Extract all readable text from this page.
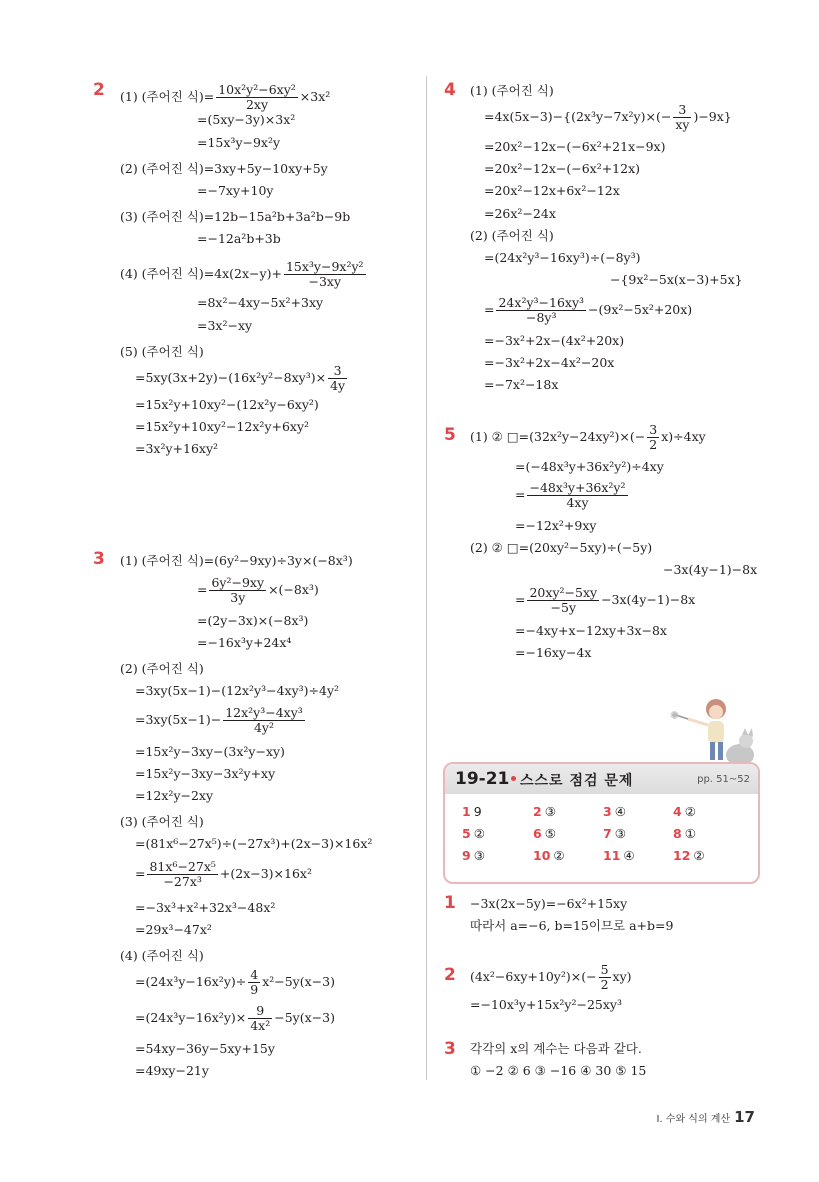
2 (1) (주어진 식)= $\frac{\text{10x²y²−6xy²}}{2xy} \times 3x^2$
=(5xy−3y)×3x²
=15x³y−9x²y
(2) (주어진 식)=3xy+5y−10xy+5y
=−7xy+10y
(3) (주어진 식)=12b−15a²b+3a²b−9b
=−12a²b+3b
(4) (주어진 식)$=4x(2x-y)+ \frac{\text{15x³y−9x²y²}}{-3xy}$
=8x²−4xy−5x²+3xy
=3x²−xy
(5) (주어진 식)
$=5xy(3x+2y)-(16x^2y^2-8xy^3)\times \frac{3}{4y}$
=15x²y+10xy²−(12x²y−6xy²)
=15x²y+10xy²−12x²y+6xy²
=3x²y+16xy²
3 (1) (주어진 식)=(6y²−9xy)÷3y×(−8x³)
= $\frac{\text{6y²−9xy}}{3y} \times(-8x^3)$
=(2y−3x)×(−8x³)
=−16x³y+24x⁴
(2) (주어진 식)
=3xy(5x−1)−(12x²y³−4xy³)÷4y²
$=3xy(5x-1)- \frac{\text{12x²y³−4xy³}}{\text{4y²}}$
=15x²y−3xy−(3x²y−xy)
=15x²y−3xy−3x²y+xy
=12x²y−2xy
(3) (주어진 식)
=(81x⁶−27x⁵)÷(−27x³)+(2x−3)×16x²
= $\frac{\text{81x⁶−27x⁵}}{\text{−27x³}} +(2x-3)\times 16x^2$
=−3x³+x²+32x³−48x²
=29x³−47x²
(4) (주어진 식)
$=(24x^3y-16x^2y)\div \frac{4}{9} x^2-5y(x-3)$
$=(24x^3y-16x^2y)\times \frac{9}{\text{4x²}} -5y(x-3)$
=54xy−36y−5xy+15y
=49xy−21y
4 (1) (주어진 식)
$=4x(5x-3)-\{(2x^3y-7x^2y)\times(- \frac{3}{xy} )-9x\}$
=20x²−12x−(−6x²+21x−9x)
=20x²−12x−(−6x²+12x)
=20x²−12x+6x²−12x
=26x²−24x
(2) (주어진 식)
=(24x²y³−16xy³)÷(−8y³)
−{9x²−5x(x−3)+5x}
= $\frac{\text{24x²y³−16xy³}}{\text{−8y³}} -(9x^2-5x^2+20x)$
=−3x²+2x−(4x²+20x)
=−3x²+2x−4x²−20x
=−7x²−18x
5 (1) ② □=(32x²y−24xy²)×(− $\frac{3}{2} x)\div 4xy$
=(−48x³y+36x²y²)÷4xy
= $\frac{\text{−48x³y+36x²y²}}{4xy}$
=−12x²+9xy
(2) ② □=(20xy²−5xy)÷(−5y)
−3x(4y−1)−8x
= $\frac{\text{20xy²−5xy}}{-5y} -3x(4y-1)-8x$
=−4xy+x−12xy+3x−8x
=−16xy−4x
✺
19-21 스스로 점검 문제	pp. 51~52
1 9	2 ③	3 ④	4 ②
5 ②	6 ⑤	7 ③	8 ①
9 ③	10 ②	11 ④	12 ②
1 −3x(2x−5y)=−6x²+15xy
따라서 a=−6, b=15이므로 a+b=9
2 $(4x^2-6xy+10y^2)\times(- \frac{5}{2} xy)$
=−10x³y+15x²y²−25xy³
3 각각의 x의 계수는 다음과 같다.
① −2 ② 6 ③ −16 ④ 30 ⑤ 15
I. 수와 식의 계산 17
